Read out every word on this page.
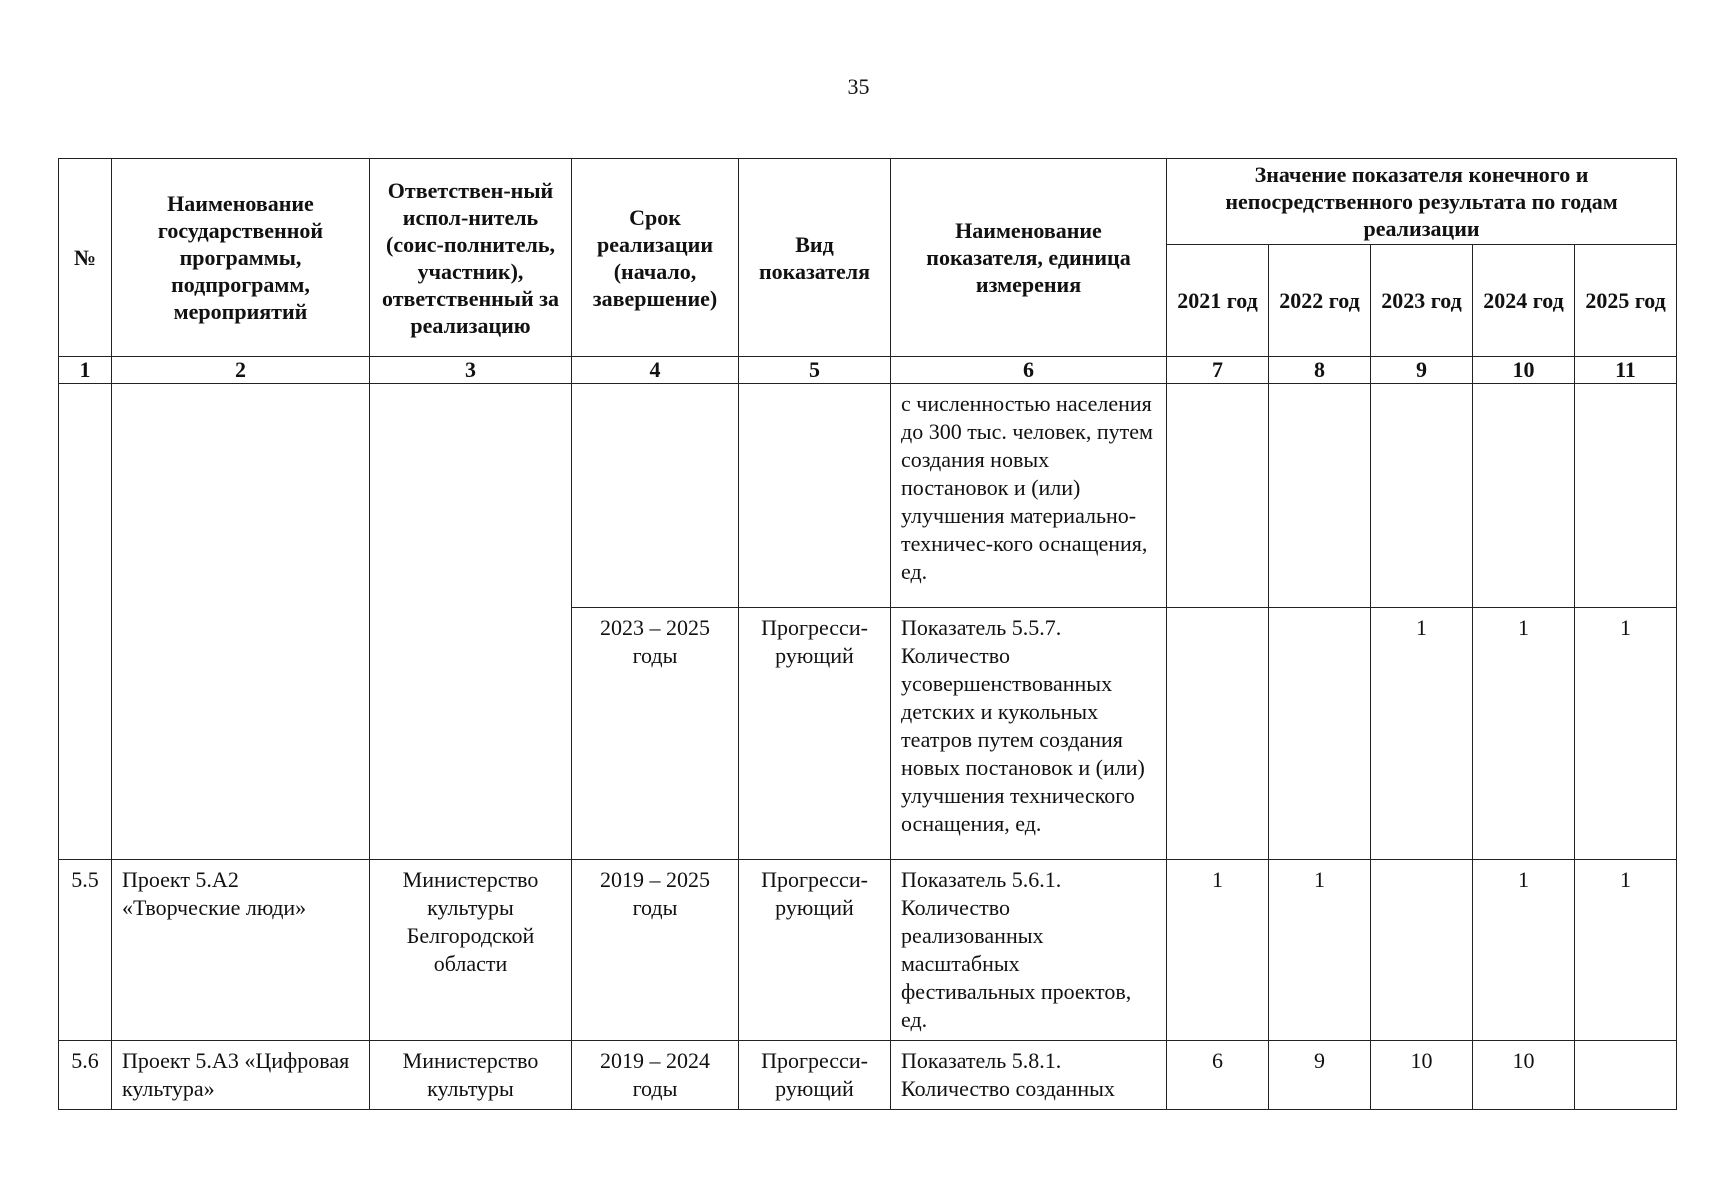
35
№	Наименование государственной программы, подпрограмм, мероприятий	Ответствен-ный испол-нитель (соис-полнитель, участник), ответственный за реализацию	Срок реализации (начало, завершение)	Вид показателя	Наименование показателя, единица измерения	Значение показателя конечного и непосредственного результата по годам реализации				
						2021 год	2022 год	2023 год	2024 год	2025 год
1	2	3	4	5	6	7	8	9	10	11
					с численностью населения до 300 тыс. человек, путем создания новых постановок и (или) улучшения материально-техничес-кого оснащения, ед.					
			2023 – 2025 годы	Прогресси-рующий	Показатель 5.5.7. Количество усовершенствованных детских и кукольных театров путем создания новых постановок и (или) улучшения технического оснащения, ед.			1	1	1
5.5	Проект 5.А2 «Творческие люди»	Министерство культуры Белгородской области	2019 – 2025 годы	Прогресси-рующий	Показатель 5.6.1. Количество реализованных масштабных фестивальных проектов, ед.	1	1		1	1
5.6	Проект 5.А3 «Цифровая культура»	Министерство культуры	2019 – 2024 годы	Прогресси-рующий	Показатель 5.8.1. Количество созданных	6	9	10	10	
